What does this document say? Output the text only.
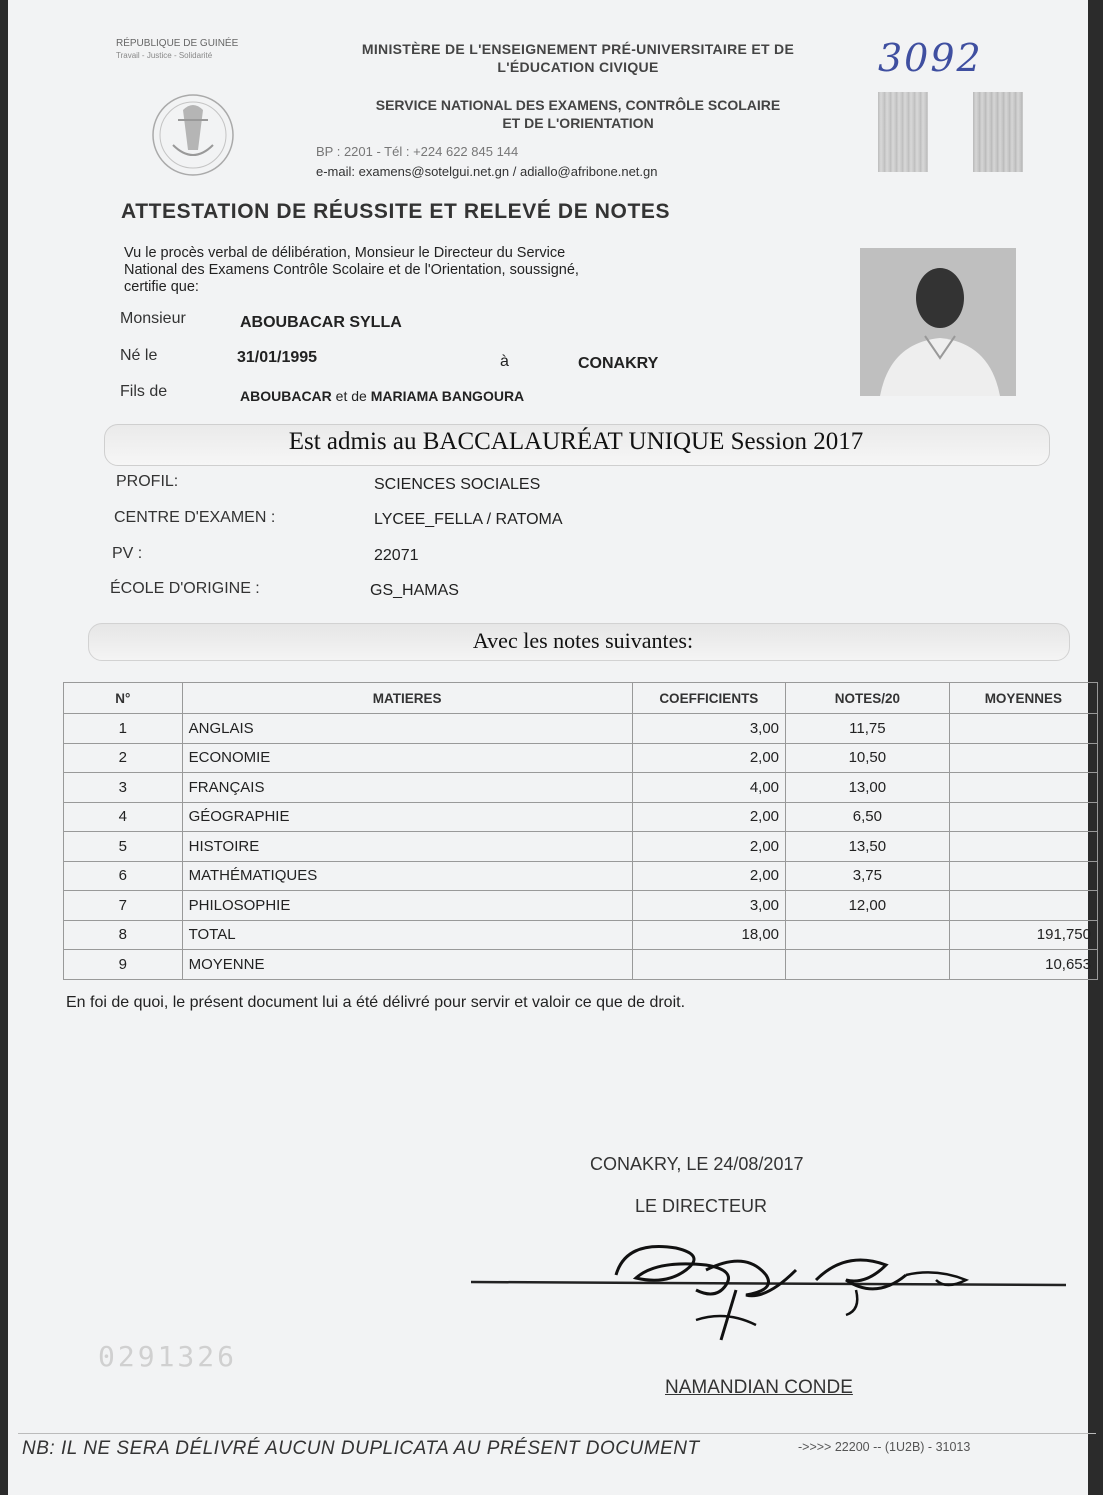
RÉPUBLIQUE DE GUINÉE
Travail - Justice - Solidarité	MINISTÈRE DE L'ENSEIGNEMENT PRÉ-UNIVERSITAIRE ET DE
L'ÉDUCATION CIVIQUE
SERVICE NATIONAL DES EXAMENS, CONTRÔLE SCOLAIRE
ET DE L'ORIENTATION
BP : 2201 - Tél : +224 622 845 144
e-mail: examens@sotelgui.net.gn / adiallo@afribone.net.gn
3092
ATTESTATION DE RÉUSSITE ET RELEVÉ DE NOTES
Vu le procès verbal de délibération, Monsieur le Directeur du Service
National des Examens Contrôle Scolaire et de l'Orientation, soussigné,
certifie que:
Monsieur	ABOUBACAR SYLLA
Né le	31/01/1995	à	CONAKRY
Fils de	ABOUBACAR et de MARIAMA BANGOURA
Est admis au BACCALAURÉAT UNIQUE Session 2017
PROFIL:	SCIENCES SOCIALES
CENTRE D'EXAMEN :	LYCEE_FELLA / RATOMA
PV :	22071
ÉCOLE D'ORIGINE :	GS_HAMAS
Avec les notes suivantes:
N°	MATIERES	COEFFICIENTS	NOTES/20	MOYENNES
1	ANGLAIS	3,00	11,75	
2	ECONOMIE	2,00	10,50	
3	FRANÇAIS	4,00	13,00	
4	GÉOGRAPHIE	2,00	6,50	
5	HISTOIRE	2,00	13,50	
6	MATHÉMATIQUES	2,00	3,75	
7	PHILOSOPHIE	3,00	12,00	
8	TOTAL	18,00		191,750
9	MOYENNE			10,653
En foi de quoi, le présent document lui a été délivré pour servir et valoir ce que de droit.
CONAKRY, LE 24/08/2017
LE DIRECTEUR
NAMANDIAN CONDE
0291326
NB: IL NE SERA DÉLIVRÉ AUCUN DUPLICATA AU PRÉSENT DOCUMENT	->>>> 22200 -- (1U2B) - 31013
